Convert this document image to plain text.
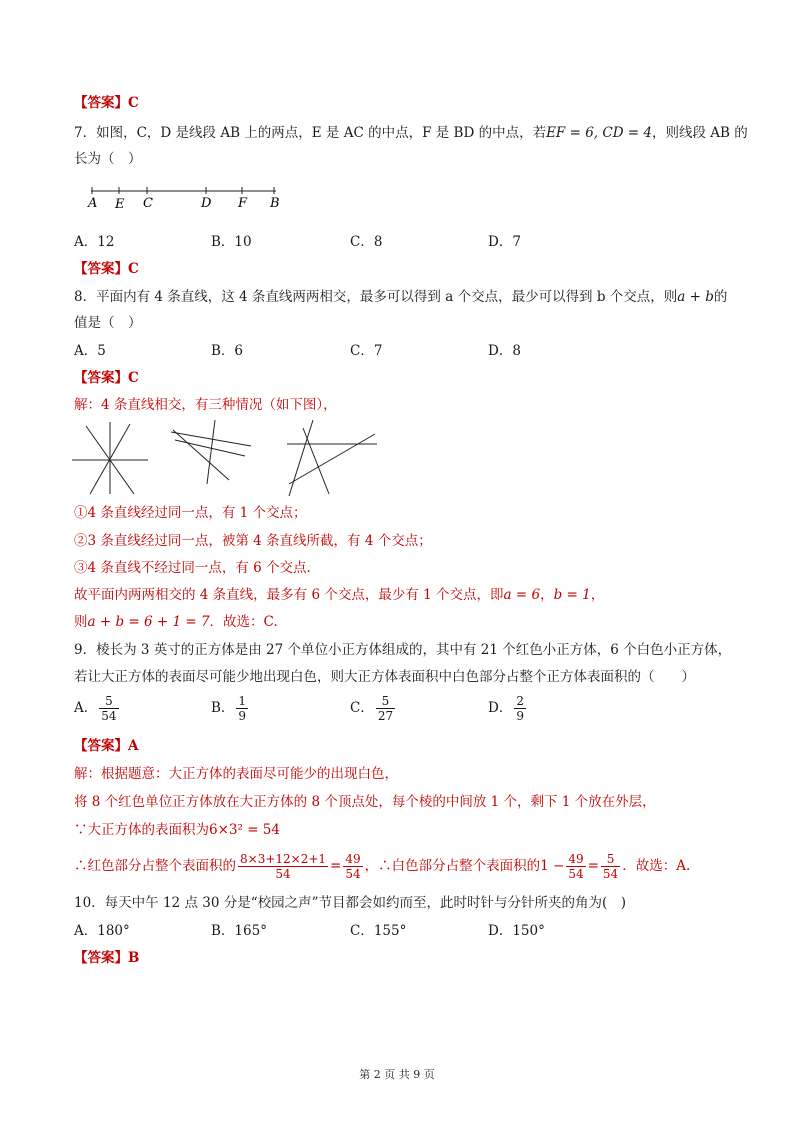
【答案】C
7．如图，C，D 是线段 AB 上的两点，E 是 AC 的中点，F 是 BD 的中点，若EF = 6, CD = 4，则线段 AB 的
长为（　）
A E C	D F B
A．12	B．10	C．8	D．7
【答案】C
8．平面内有 4 条直线，这 4 条直线两两相交，最多可以得到 a 个交点，最少可以得到 b 个交点，则a + b的
值是（　）
A．5	B．6	C．7	D．8
【答案】C
解：4 条直线相交，有三种情况（如下图），
①4 条直线经过同一点，有 1 个交点；
②3 条直线经过同一点，被第 4 条直线所截，有 4 个交点；
③4 条直线不经过同一点，有 6 个交点.
故平面内两两相交的 4 条直线，最多有 6 个交点，最少有 1 个交点，即a = 6，b = 1，
则a + b = 6 + 1 = 7．故选：C.
9．棱长为 3 英寸的正方体是由 27 个单位小正方体组成的，其中有 21 个红色小正方体，6 个白色小正方体，
若让大正方体的表面尽可能少地出现白色，则大正方体表面积中白色部分占整个正方体表面积的（　　）
A． $\frac{5}{54}$	B． $\frac{1}{9}$	C． $\frac{5}{27}$	D． $\frac{2}{9}$
【答案】A
解：根据题意：大正方体的表面尽可能少的出现白色，
将 8 个红色单位正方体放在大正方体的 8 个顶点处，每个棱的中间放 1 个，剩下 1 个放在外层，
∵大正方体的表面积为6×3² = 54
∴红色部分占整个表面积的 $\frac{8\times 3+12\times 2+1}{54} = \frac{49}{54}$ ，∴白色部分占整个表面积的$1 - \frac{49}{54} = \frac{5}{54}$ ．故选：A.
10．每天中午 12 点 30 分是“校园之声”节目都会如约而至，此时时针与分针所夹的角为(　)
A．180°	B．165°	C．155°	D．150°
【答案】B
第 2 页 共 9 页
